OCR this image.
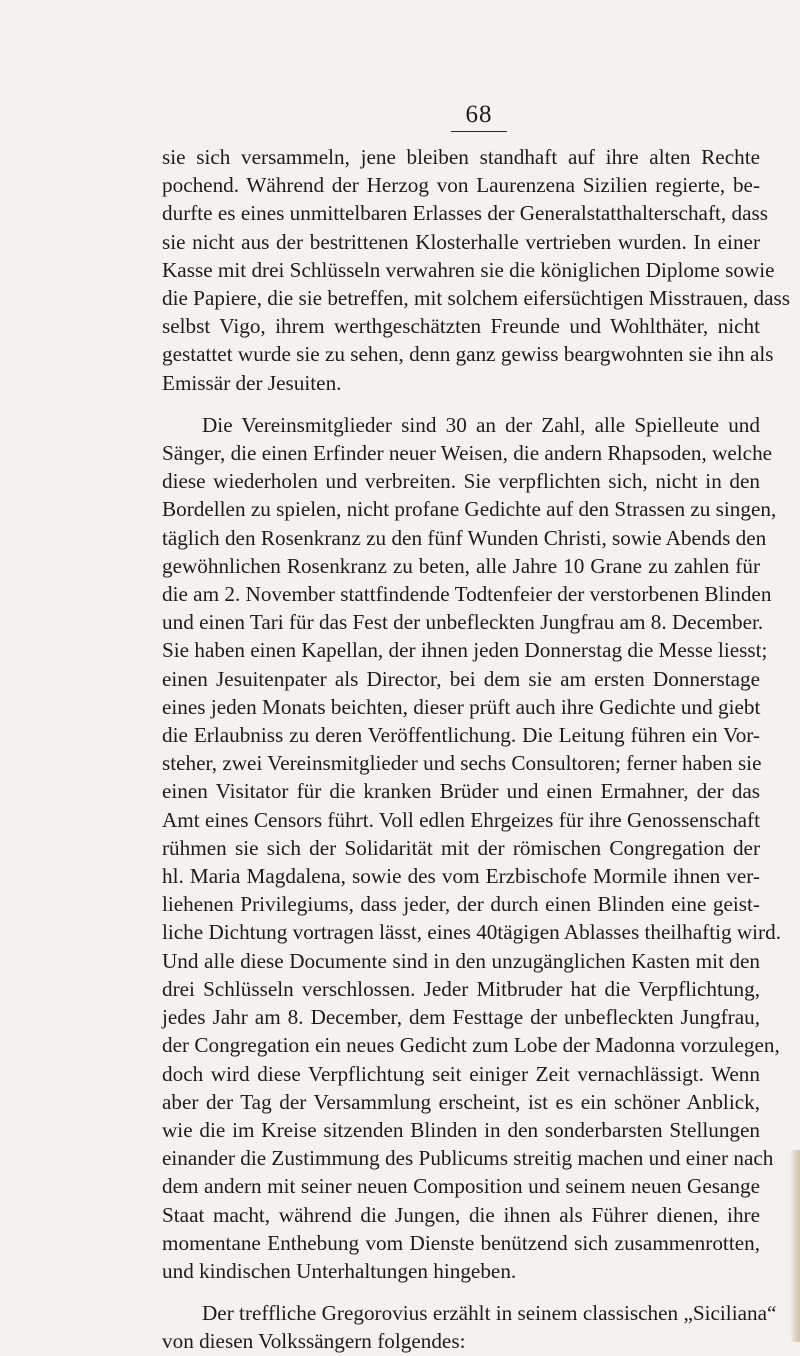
68
sie sich versammeln, jene bleiben standhaft auf ihre alten Rechte
pochend. Während der Herzog von Laurenzena Sizilien regierte, be-
durfte es eines unmittelbaren Erlasses der Generalstatthalterschaft, dass
sie nicht aus der bestrittenen Klosterhalle vertrieben wurden. In einer
Kasse mit drei Schlüsseln verwahren sie die königlichen Diplome sowie
die Papiere, die sie betreffen, mit solchem eifersüchtigen Misstrauen, dass
selbst Vigo, ihrem werthgeschätzten Freunde und Wohlthäter, nicht
gestattet wurde sie zu sehen, denn ganz gewiss beargwohnten sie ihn als
Emissär der Jesuiten.
Die Vereinsmitglieder sind 30 an der Zahl, alle Spielleute und
Sänger, die einen Erfinder neuer Weisen, die andern Rhapsoden, welche
diese wiederholen und verbreiten. Sie verpflichten sich, nicht in den
Bordellen zu spielen, nicht profane Gedichte auf den Strassen zu singen,
täglich den Rosenkranz zu den fünf Wunden Christi, sowie Abends den
gewöhnlichen Rosenkranz zu beten, alle Jahre 10 Grane zu zahlen für
die am 2. November stattfindende Todtenfeier der verstorbenen Blinden
und einen Tari für das Fest der unbefleckten Jungfrau am 8. December.
Sie haben einen Kapellan, der ihnen jeden Donnerstag die Messe liesst;
einen Jesuitenpater als Director, bei dem sie am ersten Donnerstage
eines jeden Monats beichten, dieser prüft auch ihre Gedichte und giebt
die Erlaubniss zu deren Veröffentlichung. Die Leitung führen ein Vor-
steher, zwei Vereinsmitglieder und sechs Consultoren; ferner haben sie
einen Visitator für die kranken Brüder und einen Ermahner, der das
Amt eines Censors führt. Voll edlen Ehrgeizes für ihre Genossenschaft
rühmen sie sich der Solidarität mit der römischen Congregation der
hl. Maria Magdalena, sowie des vom Erzbischofe Mormile ihnen ver-
liehenen Privilegiums, dass jeder, der durch einen Blinden eine geist-
liche Dichtung vortragen lässt, eines 40tägigen Ablasses theilhaftig wird.
Und alle diese Documente sind in den unzugänglichen Kasten mit den
drei Schlüsseln verschlossen. Jeder Mitbruder hat die Verpflichtung,
jedes Jahr am 8. December, dem Festtage der unbefleckten Jungfrau,
der Congregation ein neues Gedicht zum Lobe der Madonna vorzulegen,
doch wird diese Verpflichtung seit einiger Zeit vernachlässigt. Wenn
aber der Tag der Versammlung erscheint, ist es ein schöner Anblick,
wie die im Kreise sitzenden Blinden in den sonderbarsten Stellungen
einander die Zustimmung des Publicums streitig machen und einer nach
dem andern mit seiner neuen Composition und seinem neuen Gesange
Staat macht, während die Jungen, die ihnen als Führer dienen, ihre
momentane Enthebung vom Dienste benützend sich zusammenrotten,
und kindischen Unterhaltungen hingeben.
Der treffliche Gregorovius erzählt in seinem classischen „Siciliana“
von diesen Volkssängern folgendes:
